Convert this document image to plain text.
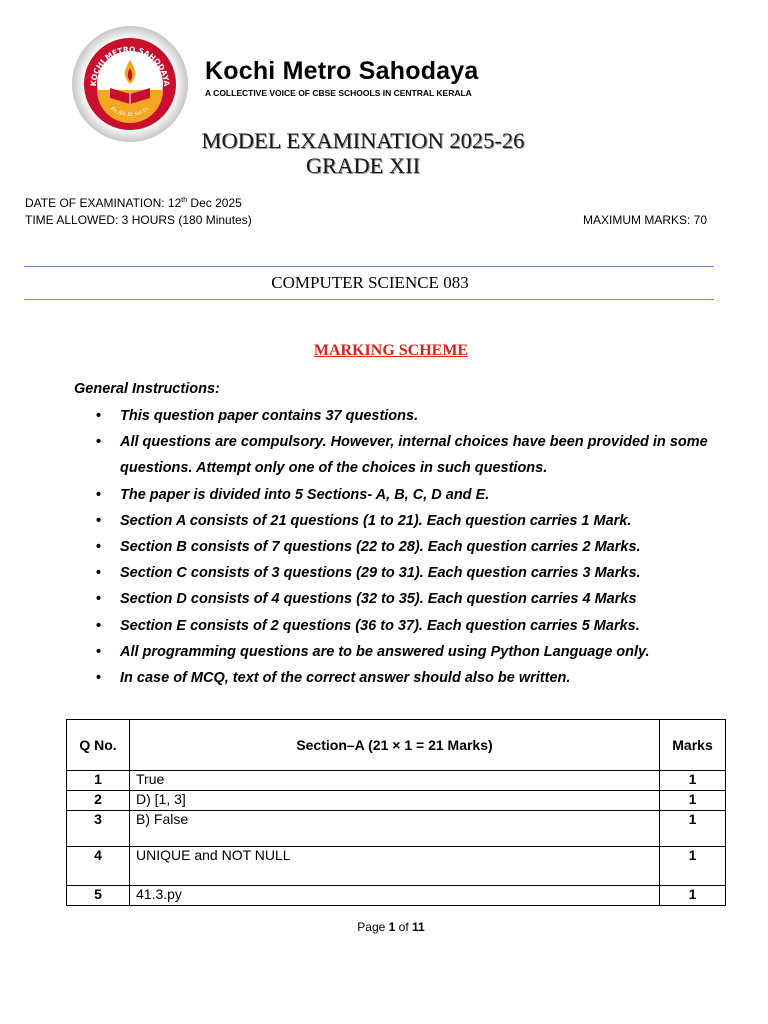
KOCHI METRO SAHODAYA
Ex Alii Et Sui Ex
Kochi Metro Sahodaya
A COLLECTIVE VOICE OF CBSE SCHOOLS IN CENTRAL KERALA
MODEL EXAMINATION 2025-26
GRADE XII
DATE OF EXAMINATION: 12th Dec 2025
TIME ALLOWED: 3 HOURS (180 Minutes)	MAXIMUM MARKS: 70
COMPUTER SCIENCE 083
MARKING SCHEME
General Instructions:
• This question paper contains 37 questions.
• All questions are compulsory. However, internal choices have been provided in some
questions. Attempt only one of the choices in such questions.
• The paper is divided into 5 Sections- A, B, C, D and E.
• Section A consists of 21 questions (1 to 21). Each question carries 1 Mark.
• Section B consists of 7 questions (22 to 28). Each question carries 2 Marks.
• Section C consists of 3 questions (29 to 31). Each question carries 3 Marks.
• Section D consists of 4 questions (32 to 35). Each question carries 4 Marks
• Section E consists of 2 questions (36 to 37). Each question carries 5 Marks.
• All programming questions are to be answered using Python Language only.
• In case of MCQ, text of the correct answer should also be written.
Q No.	Section–A (21 × 1 = 21 Marks)	Marks
1	True	1
2	D) [1, 3]	1
3	B) False	1
4	UNIQUE and NOT NULL	1
5	41.3.py	1
Page 1 of 11
